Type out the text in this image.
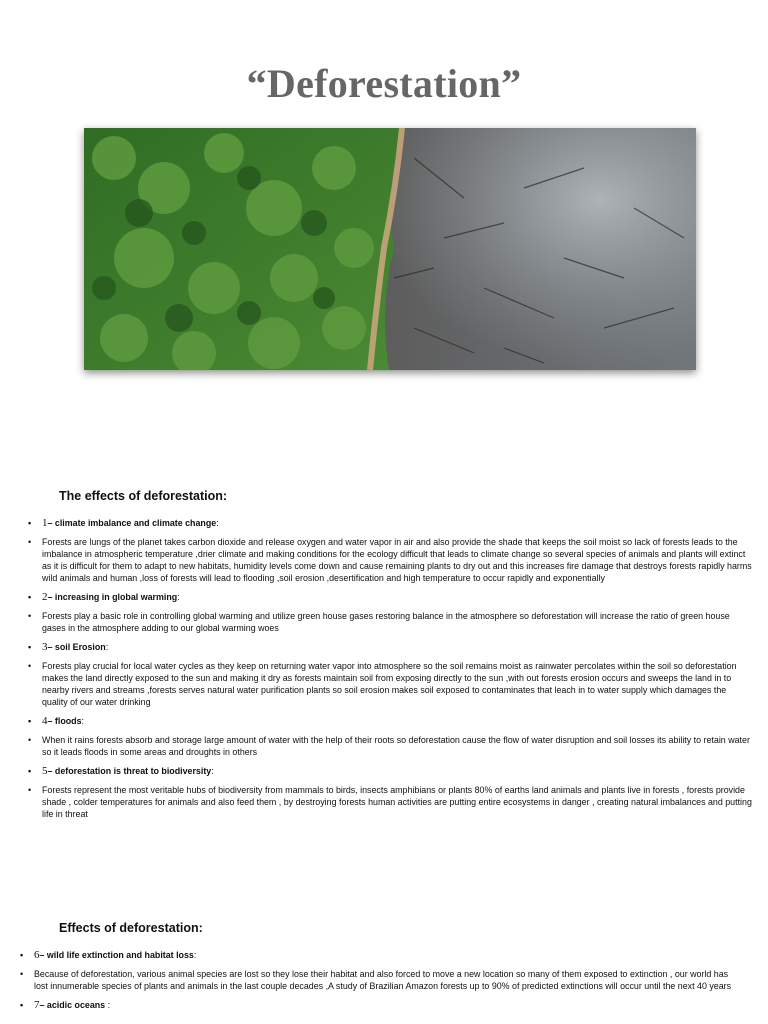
“Deforestation”
The effects of deforestation:
• 1– climate imbalance and climate change:
• Forests are lungs of the planet takes carbon dioxide and release oxygen and water vapor in air and also provide the shade that keeps the soil moist so lack of forests leads to the imbalance in atmospheric temperature ,drier climate and making conditions for the ecology difficult that leads to climate change so several species of animals and plants will extinct as it is difficult for them to adapt to new habitats, humidity levels come down and cause remaining plants to dry out and this increases fire damage that destroys forests rapidly harms wild animals and human ,loss of forests will lead to flooding ,soil erosion ,desertification and high temperature to occur rapidly and exponentially
• 2– increasing in global warming:
• Forests play a basic role in controlling global warming and utilize green house gases restoring balance in the atmosphere so deforestation will increase the ratio of green house gases in the atmosphere adding to our global warming woes
• 3– soil Erosion:
• Forests play crucial for local water cycles as they keep on returning water vapor into atmosphere so the soil remains moist as rainwater percolates within the soil so deforestation makes the land directly exposed to the sun and making it dry as forests maintain soil from exposing directly to the sun ,with out forests erosion occurs and sweeps the land in to nearby rivers and streams ,forests serves natural water purification plants so soil erosion makes soil exposed to contaminates that leach in to water supply which damages the quality of our water drinking
• 4– floods:
• When it rains forests absorb and storage large amount of water with the help of their roots so deforestation cause the flow of water disruption and soil losses its ability to retain water so it leads floods in some areas and droughts in others
• 5– deforestation is threat to biodiversity:
• Forests represent the most veritable hubs of biodiversity from mammals to birds, insects amphibians or plants 80% of earths land animals and plants live in forests , forests provide shade , colder temperatures for animals and also feed them , by destroying forests human activities are putting entire ecosystems in danger , creating natural imbalances and putting life in threat
Effects of deforestation:
• 6– wild life extinction and habitat loss:
• Because of deforestation, various animal species are lost so they lose their habitat and also forced to move a new location so many of them exposed to extinction , our world has lost innumerable species of plants and animals in the last couple decades ,A study of Brazilian Amazon forests up to 90% of predicted extinctions will occur until the next 40 years
• 7– acidic oceans :
